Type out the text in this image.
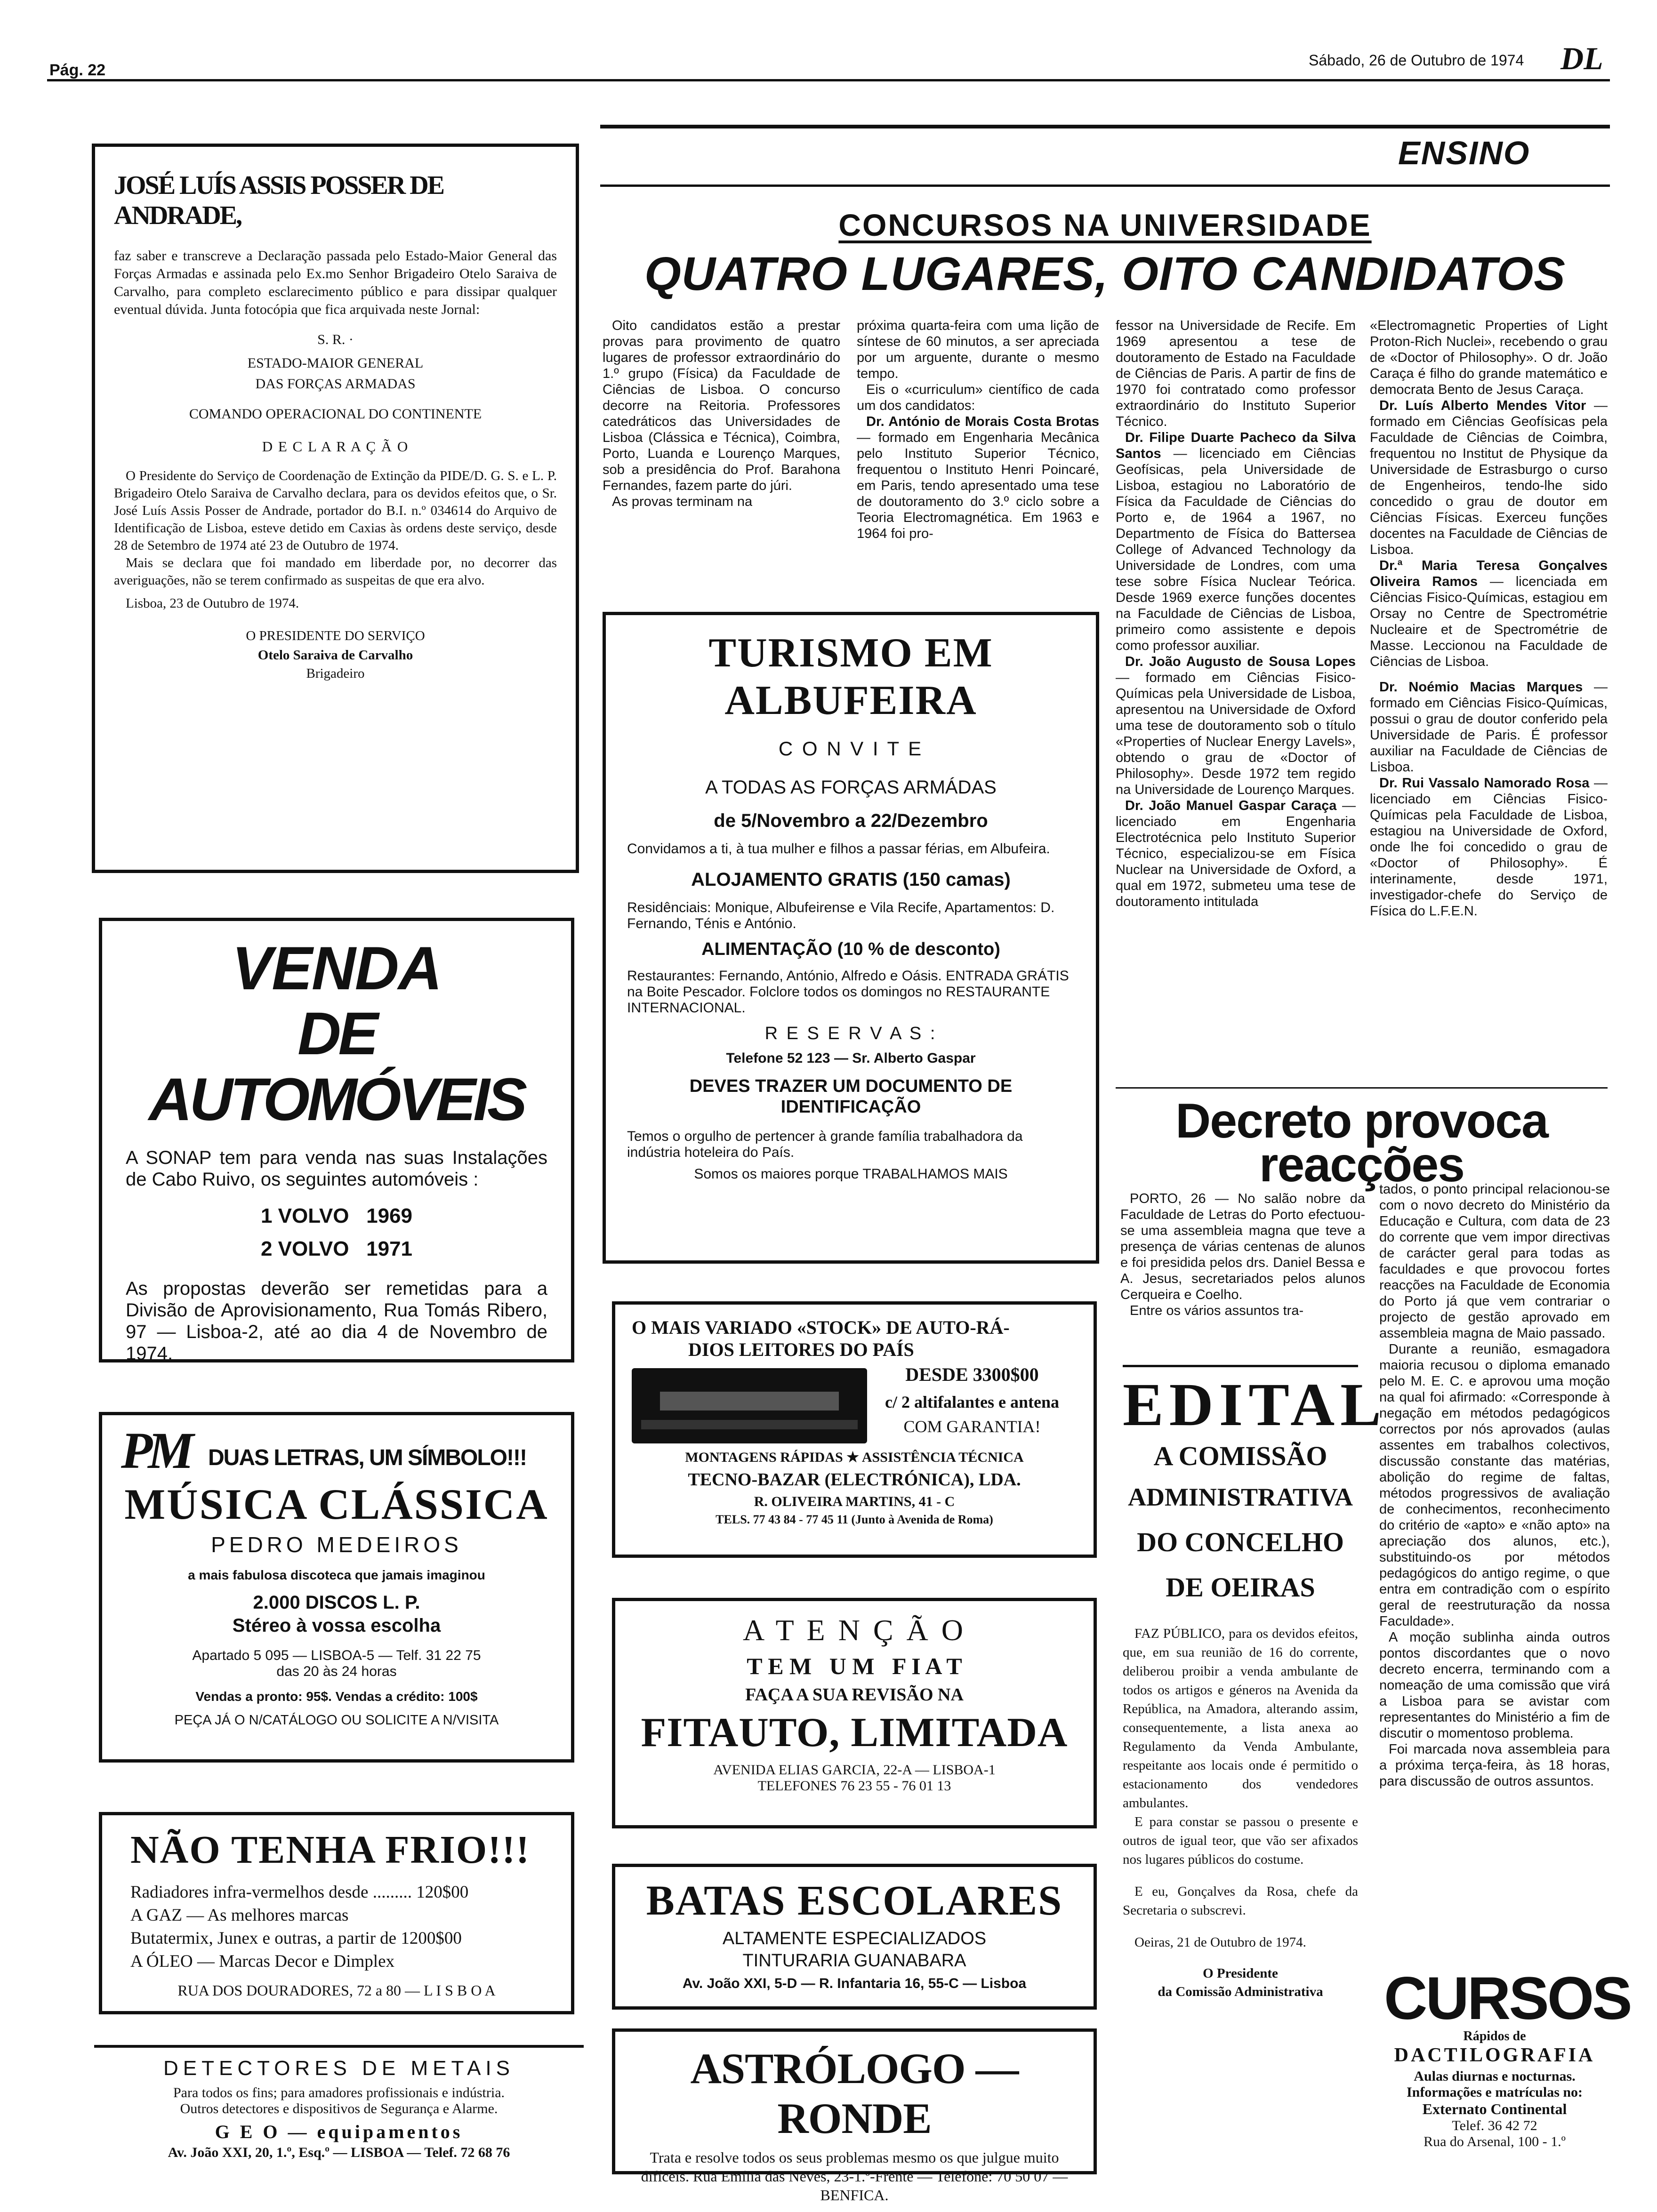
Pág. 22
Sábado, 26 de Outubro de 1974 DL
JOSÉ LUÍS ASSIS POSSER DE ANDRADE,
faz saber e transcreve a Declaração passada pelo Estado-Maior General das Forças Armadas e assinada pelo Ex.mo Senhor Brigadeiro Otelo Saraiva de Carvalho, para completo esclarecimento público e para dissipar qualquer eventual dúvida. Junta fotocópia que fica arquivada neste Jornal:
S. R. ·
ESTADO-MAIOR GENERAL
DAS FORÇAS ARMADAS
COMANDO OPERACIONAL DO CONTINENTE
D E C L A R A Ç Ã O
O Presidente do Serviço de Coordenação de Extinção da PIDE/D. G. S. e L. P. Brigadeiro Otelo Saraiva de Carvalho declara, para os devidos efeitos que, o Sr. José Luís Assis Posser de Andrade, portador do B.I. n.º 034614 do Arquivo de Identificação de Lisboa, esteve detido em Caxias às ordens deste serviço, desde 28 de Setembro de 1974 até 23 de Outubro de 1974.
Mais se declara que foi mandado em liberdade por, no decorrer das averiguações, não se terem confirmado as suspeitas de que era alvo.
Lisboa, 23 de Outubro de 1974.
O PRESIDENTE DO SERVIÇO
Otelo Saraiva de Carvalho
Brigadeiro
VENDA
DE AUTOMÓVEIS
A SONAP tem para venda nas suas Instalações de Cabo Ruivo, os seguintes automóveis :
1 VOLVO   1969
2 VOLVO   1971
As propostas deverão ser remetidas para a Divisão de Aprovisionamento, Rua Tomás Ribero, 97 — Lisboa-2, até ao dia 4 de Novembro de 1974.
PM DUAS LETRAS, UM SÍMBOLO!!!
MÚSICA CLÁSSICA
PEDRO MEDEIROS
a mais fabulosa discoteca que jamais imaginou
2.000 DISCOS L. P.
Stéreo à vossa escolha
Apartado 5 095 — LISBOA-5 — Telf. 31 22 75
das 20 às 24 horas
Vendas a pronto: 95$. Vendas a crédito: 100$
PEÇA JÁ O N/CATÁLOGO OU SOLICITE A N/VISITA
NÃO TENHA FRIO!!!
Radiadores infra-vermelhos desde ......... 120$00
A GAZ — As melhores marcas
Butatermix, Junex e outras, a partir de 1200$00
A ÓLEO — Marcas Decor e Dimplex
RUA DOS DOURADORES, 72 a 80 — L I S B O A
DETECTORES DE METAIS
Para todos os fins; para amadores profissionais e indústria.
Outros detectores e dispositivos de Segurança e Alarme.
G E O — equipamentos
Av. João XXI, 20, 1.º, Esq.º — LISBOA — Telef. 72 68 76
ENSINO
CONCURSOS NA UNIVERSIDADE
QUATRO LUGARES, OITO CANDIDATOS

Oito candidatos estão a prestar provas para provimento de quatro lugares de professor extraordinário do 1.º grupo (Física) da Faculdade de Ciências de Lisboa. O concurso decorre na Reitoria. Professores catedráticos das Universidades de Lisboa (Clássica e Técnica), Coimbra, Porto, Luanda e Lourenço Marques, sob a presidência do Prof. Barahona Fernandes, fazem parte do júri.

As provas terminam na

próxima quarta-feira com uma lição de síntese de 60 minutos, a ser apreciada por um arguente, durante o mesmo tempo.

Eis o «curriculum» científico de cada um dos candidatos:

Dr. António de Morais Costa Brotas — formado em Engenharia Mecânica pelo Instituto Superior Técnico, frequentou o Instituto Henri Poincaré, em Paris, tendo apresentado uma tese de doutoramento do 3.º ciclo sobre a Teoria Electromagnética. Em 1963 e 1964 foi pro-

fessor na Universidade de Recife. Em 1969 apresentou a tese de doutoramento de Estado na Faculdade de Ciências de Paris. A partir de fins de 1970 foi contratado como professor extraordinário do Instituto Superior Técnico.

Dr. Filipe Duarte Pacheco da Silva Santos — licenciado em Ciências Geofísicas, pela Universidade de Lisboa, estagiou no Laboratório de Física da Faculdade de Ciências do Porto e, de 1964 a 1967, no Departmento de Física do Battersea College of Advanced Technology da Universidade de Londres, com uma tese sobre Física Nuclear Teórica. Desde 1969 exerce funções docentes na Faculdade de Ciências de Lisboa, primeiro como assistente e depois como professor auxiliar.

Dr. João Augusto de Sousa Lopes — formado em Ciências Fisico-Químicas pela Universidade de Lisboa, apresentou na Universidade de Oxford uma tese de doutoramento sob o título «Properties of Nuclear Energy Lavels», obtendo o grau de «Doctor of Philosophy». Desde 1972 tem regido na Universidade de Lourenço Marques.

Dr. João Manuel Gaspar Caraça — licenciado em Engenharia Electrotécnica pelo Instituto Superior Técnico, especializou-se em Física Nuclear na Universidade de Oxford, a qual em 1972, submeteu uma tese de doutoramento intitulada

«Electromagnetic Properties of Light Proton-Rich Nuclei», recebendo o grau de «Doctor of Philosophy». O dr. João Caraça é filho do grande matemático e democrata Bento de Jesus Caraça.

Dr. Luís Alberto Mendes Vitor — formado em Ciências Geofísicas pela Faculdade de Ciências de Coimbra, frequentou no Institut de Physique da Universidade de Estrasburgo o curso de Engenheiros, tendo-lhe sido concedido o grau de doutor em Ciências Físicas. Exerceu funções docentes na Faculdade de Ciências de Lisboa.

Dr.ª Maria Teresa Gonçalves Oliveira Ramos — licenciada em Ciências Fisico-Químicas, estagiou em Orsay no Centre de Spectrométrie Nucleaire et de Spectrométrie de Masse. Leccionou na Faculdade de Ciências de Lisboa.

Dr. Noémio Macias Marques — formado em Ciências Fisico-Químicas, possui o grau de doutor conferido pela Universidade de Paris. É professor auxiliar na Faculdade de Ciências de Lisboa.

Dr. Rui Vassalo Namorado Rosa — licenciado em Ciências Fisico-Químicas pela Faculdade de Lisboa, estagiou na Universidade de Oxford, onde lhe foi concedido o grau de «Doctor of Philosophy». É interinamente, desde 1971, investigador-chefe do Serviço de Física do L.F.E.N.

TURISMO EM ALBUFEIRA
C O N V I T E
A TODAS AS FORÇAS ARMÁDAS
de 5/Novembro a 22/Dezembro
Convidamos a ti, à tua mulher e filhos a passar férias, em Albufeira.
ALOJAMENTO GRATIS (150 camas)
Residênciais: Monique, Albufeirense e Vila Recife, Apartamentos: D. Fernando, Ténis e António.
ALIMENTAÇÃO (10 % de desconto)
Restaurantes: Fernando, António, Alfredo e Oásis. ENTRADA GRÁTIS na Boite Pescador. Folclore todos os domingos no RESTAURANTE INTERNACIONAL.
R E S E R V A S :
Telefone 52 123 — Sr. Alberto Gaspar
DEVES TRAZER UM DOCUMENTO DE IDENTIFICAÇÃO
Temos o orgulho de pertencer à grande família trabalhadora da indústria hoteleira do País.
Somos os maiores porque TRABALHAMOS MAIS
O MAIS VARIADO «STOCK» DE AUTO-RÁ-
DIOS LEITORES DO PAÍS
DESDE 3300$00
c/ 2 altifalantes e antena
COM GARANTIA!
MONTAGENS RÁPIDAS ★ ASSISTÊNCIA TÉCNICA
TECNO-BAZAR (ELECTRÓNICA), LDA.
R. OLIVEIRA MARTINS, 41 - C
TELS. 77 43 84 - 77 45 11 (Junto à Avenida de Roma)
A T E N Ç Ã O
T E M   U M   F I A T
FAÇA A SUA REVISÃO NA
FITAUTO, LIMITADA
AVENIDA ELIAS GARCIA, 22-A — LISBOA-1
TELEFONES 76 23 55 - 76 01 13
BATAS ESCOLARES
ALTAMENTE ESPECIALIZADOS
TINTURARIA GUANABARA
Av. João XXI, 5-D — R. Infantaria 16, 55-C — Lisboa
ASTRÓLOGO — RONDE
Trata e resolve todos os seus problemas mesmo os que julgue muito difíceis. Rua Emília das Neves, 23-1.º-Frente — Telefone: 70 50 07 — BENFICA.
Decreto provoca
reacções

PORTO, 26 — No salão nobre da Faculdade de Letras do Porto efectuou-se uma assembleia magna que teve a presença de várias centenas de alunos e foi presidida pelos drs. Daniel Bessa e A. Jesus, secretariados pelos alunos Cerqueira e Coelho.

Entre os vários assuntos tra-

tados, o ponto principal relacionou-se com o novo decreto do Ministério da Educação e Cultura, com data de 23 do corrente que vem impor directivas de carácter geral para todas as faculdades e que provocou fortes reacções na Faculdade de Economia do Porto já que vem contrariar o projecto de gestão aprovado em assembleia magna de Maio passado.

Durante a reunião, esmagadora maioria recusou o diploma emanado pelo M. E. C. e aprovou uma moção na qual foi afirmado: «Corresponde à negação em métodos pedagógicos correctos por nós aprovados (aulas assentes em trabalhos colectivos, discussão constante das matérias, abolição do regime de faltas, métodos progressivos de avaliação de conhecimentos, reconhecimento do critério de «apto» e «não apto» na apreciação dos alunos, etc.), substituindo-os por métodos pedagógicos do antigo regime, o que entra em contradição com o espírito geral de reestruturação da nossa Faculdade».

A moção sublinha ainda outros pontos discordantes que o novo decreto encerra, terminando com a nomeação de uma comissão que virá a Lisboa para se avistar com representantes do Ministério a fim de discutir o momentoso problema.

Foi marcada nova assembleia para a próxima terça-feira, às 18 horas, para discussão de outros assuntos.

EDITAL
A COMISSÃO
ADMINISTRATIVA
DO CONCELHO
DE OEIRAS
FAZ PÚBLICO, para os devidos efeitos, que, em sua reunião de 16 do corrente, deliberou proibir a venda ambulante de todos os artigos e géneros na Avenida da República, na Amadora, alterando assim, consequentemente, a lista anexa ao Regulamento da Venda Ambulante, respeitante aos locais onde é permitido o estacionamento dos vendedores ambulantes.
E para constar se passou o presente e outros de igual teor, que vão ser afixados nos lugares públicos do costume.
E eu, Gonçalves da Rosa, chefe da Secretaria o subscrevi.
Oeiras, 21 de Outubro de 1974.
O Presidente
da Comissão Administrativa	CURSOS
Rápidos de
DACTILOGRAFIA
Aulas diurnas e nocturnas.
Informações e matrículas no:
Externato Continental
Telef. 36 42 72
Rua do Arsenal, 100 - 1.º
